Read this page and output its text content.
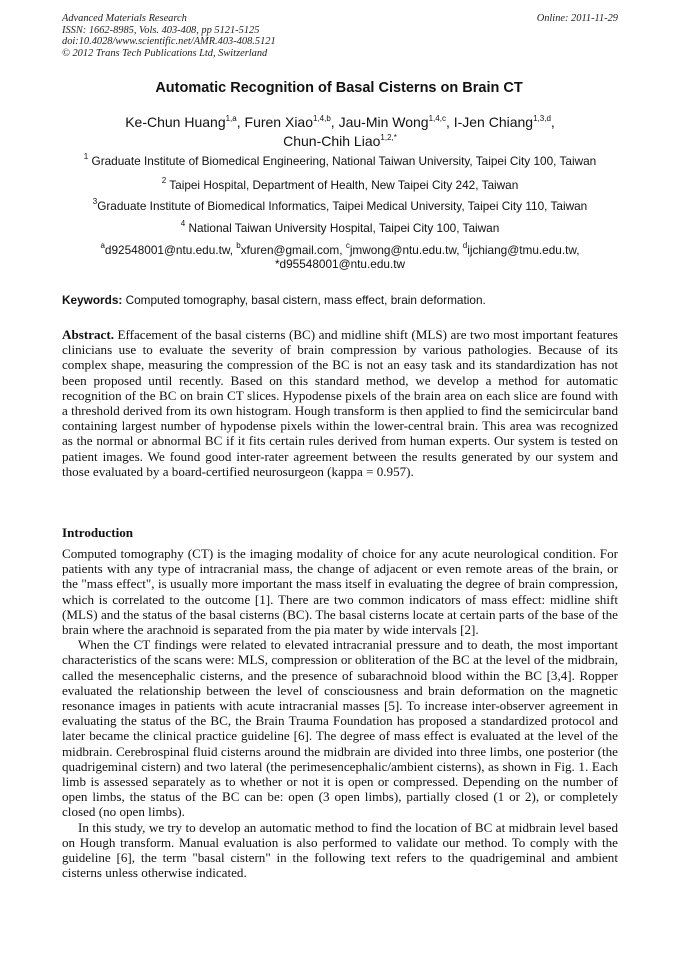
Advanced Materials Research
ISSN: 1662-8985, Vols. 403-408, pp 5121-5125
doi:10.4028/www.scientific.net/AMR.403-408.5121
© 2012 Trans Tech Publications Ltd, Switzerland
Online: 2011-11-29
Automatic Recognition of Basal Cisterns on Brain CT
Ke-Chun Huang$^{1,a}$, Furen Xiao$^{1,4,b}$, Jau-Min Wong$^{1,4,c}$, I-Jen Chiang$^{1,3,d}$,
Chun-Chih Liao$^{1,2,*}$
$^1$ Graduate Institute of Biomedical Engineering, National Taiwan University, Taipei City 100, Taiwan
$^2$ Taipei Hospital, Department of Health, New Taipei City 242, Taiwan
$^3$Graduate Institute of Biomedical Informatics, Taipei Medical University, Taipei City 110, Taiwan
$^4$ National Taiwan University Hospital, Taipei City 100, Taiwan
$^a$d92548001@ntu.edu.tw, $^b$xfuren@gmail.com, $^c$jmwong@ntu.edu.tw, $^d$ijchiang@tmu.edu.tw,
*d95548001@ntu.edu.tw
Keywords: Computed tomography, basal cistern, mass effect, brain deformation.
Abstract. Effacement of the basal cisterns (BC) and midline shift (MLS) are two most important features clinicians use to evaluate the severity of brain compression by various pathologies. Because of its complex shape, measuring the compression of the BC is not an easy task and its standardization has not been proposed until recently. Based on this standard method, we develop a method for automatic recognition of the BC on brain CT slices. Hypodense pixels of the brain area on each slice are found with a threshold derived from its own histogram. Hough transform is then applied to find the semicircular band containing largest number of hypodense pixels within the lower-central brain. This area was recognized as the normal or abnormal BC if it fits certain rules derived from human experts. Our system is tested on patient images. We found good inter-rater agreement between the results generated by our system and those evaluated by a board-certified neurosurgeon (kappa = 0.957).
Introduction

Computed tomography (CT) is the imaging modality of choice for any acute neurological condition. For patients with any type of intracranial mass, the change of adjacent or even remote areas of the brain, or the "mass effect", is usually more important the mass itself in evaluating the degree of brain compression, which is correlated to the outcome [1]. There are two common indicators of mass effect: midline shift (MLS) and the status of the basal cisterns (BC). The basal cisterns locate at certain parts of the base of the brain where the arachnoid is separated from the pia mater by wide intervals [2].

When the CT findings were related to elevated intracranial pressure and to death, the most important characteristics of the scans were: MLS, compression or obliteration of the BC at the level of the midbrain, called the mesencephalic cisterns, and the presence of subarachnoid blood within the BC [3,4]. Ropper evaluated the relationship between the level of consciousness and brain deformation on the magnetic resonance images in patients with acute intracranial masses [5]. To increase inter-observer agreement in evaluating the status of the BC, the Brain Trauma Foundation has proposed a standardized protocol and later became the clinical practice guideline [6]. The degree of mass effect is evaluated at the level of the midbrain. Cerebrospinal fluid cisterns around the midbrain are divided into three limbs, one posterior (the quadrigeminal cistern) and two lateral (the perimesencephalic/ambient cisterns), as shown in Fig. 1. Each limb is assessed separately as to whether or not it is open or compressed. Depending on the number of open limbs, the status of the BC can be: open (3 open limbs), partially closed (1 or 2), or completely closed (no open limbs).

In this study, we try to develop an automatic method to find the location of BC at midbrain level based on Hough transform. Manual evaluation is also performed to validate our method. To comply with the guideline [6], the term "basal cistern" in the following text refers to the quadrigeminal and ambient cisterns unless otherwise indicated.
